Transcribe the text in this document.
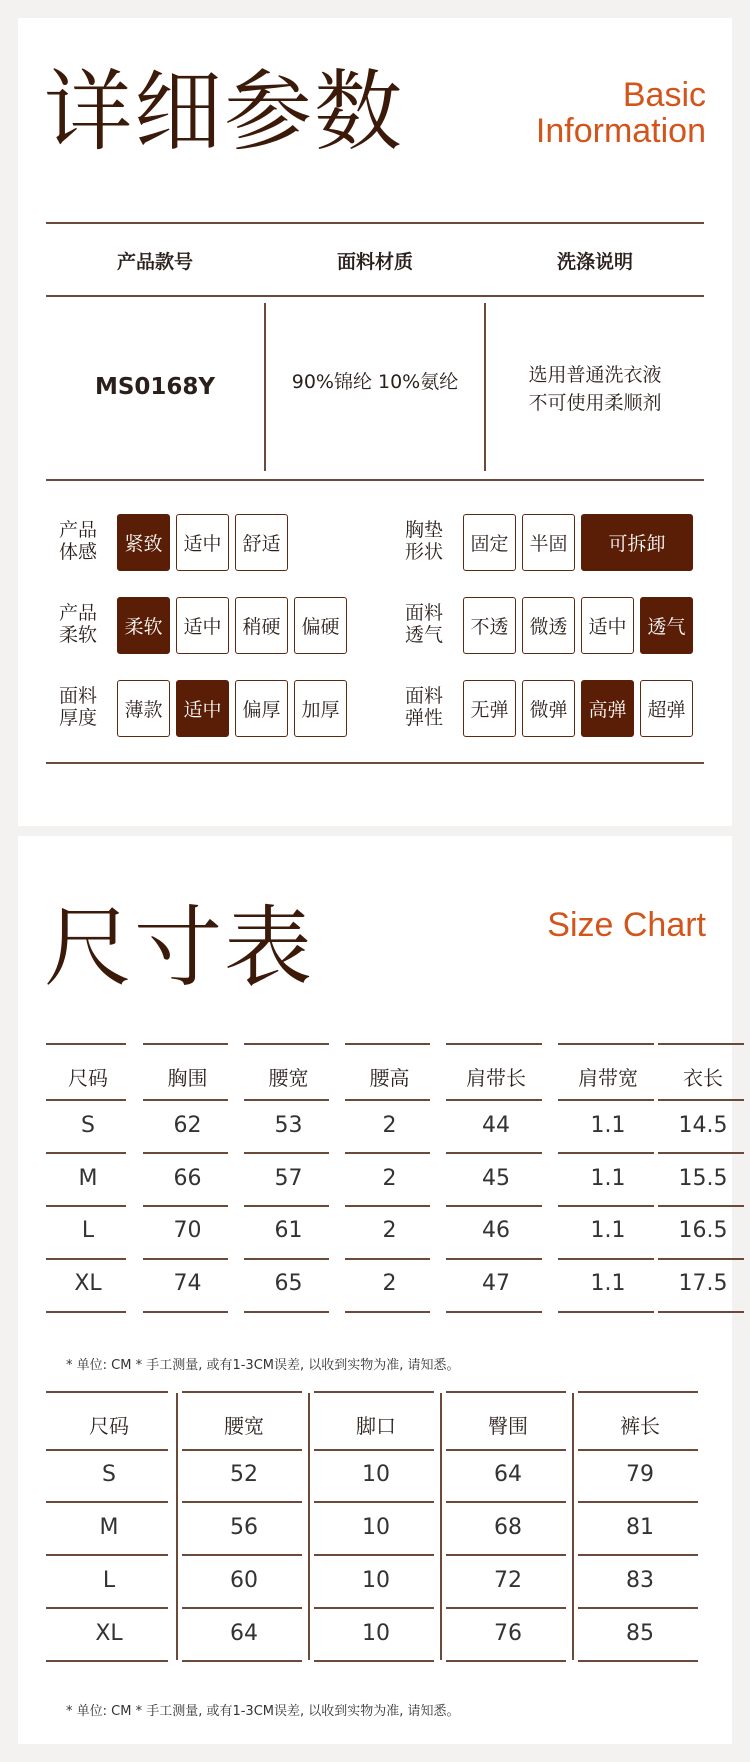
详细参数	Basic
Information
产品款号	面料材质	洗涤说明
MS0168Y	90%锦纶 10%氨纶	选用普通洗衣液
不可使用柔顺剂
产品
体感	紧致	适中	舒适
胸垫
形状	固定	半固	可拆卸
产品
柔软	柔软	适中	稍硬	偏硬
面料
透气	不透	微透	适中	透气
面料
厚度	薄款	适中	偏厚	加厚
面料
弹性	无弹	微弹	高弹	超弹
尺寸表	Size Chart
尺码	胸围	腰宽	腰高	肩带长	肩带宽	衣长
S	62	53	2	44	1.1	14.5
M	66	57	2	45	1.1	15.5
L	70	61	2	46	1.1	16.5
XL	74	65	2	47	1.1	17.5
* 单位: CM * 手工测量, 或有1-3CM误差, 以收到实物为准, 请知悉。
尺码	腰宽	脚口	臀围	裤长
S	52	10	64	79
M	56	10	68	81
L	60	10	72	83
XL	64	10	76	85
* 单位: CM * 手工测量, 或有1-3CM误差, 以收到实物为准, 请知悉。
